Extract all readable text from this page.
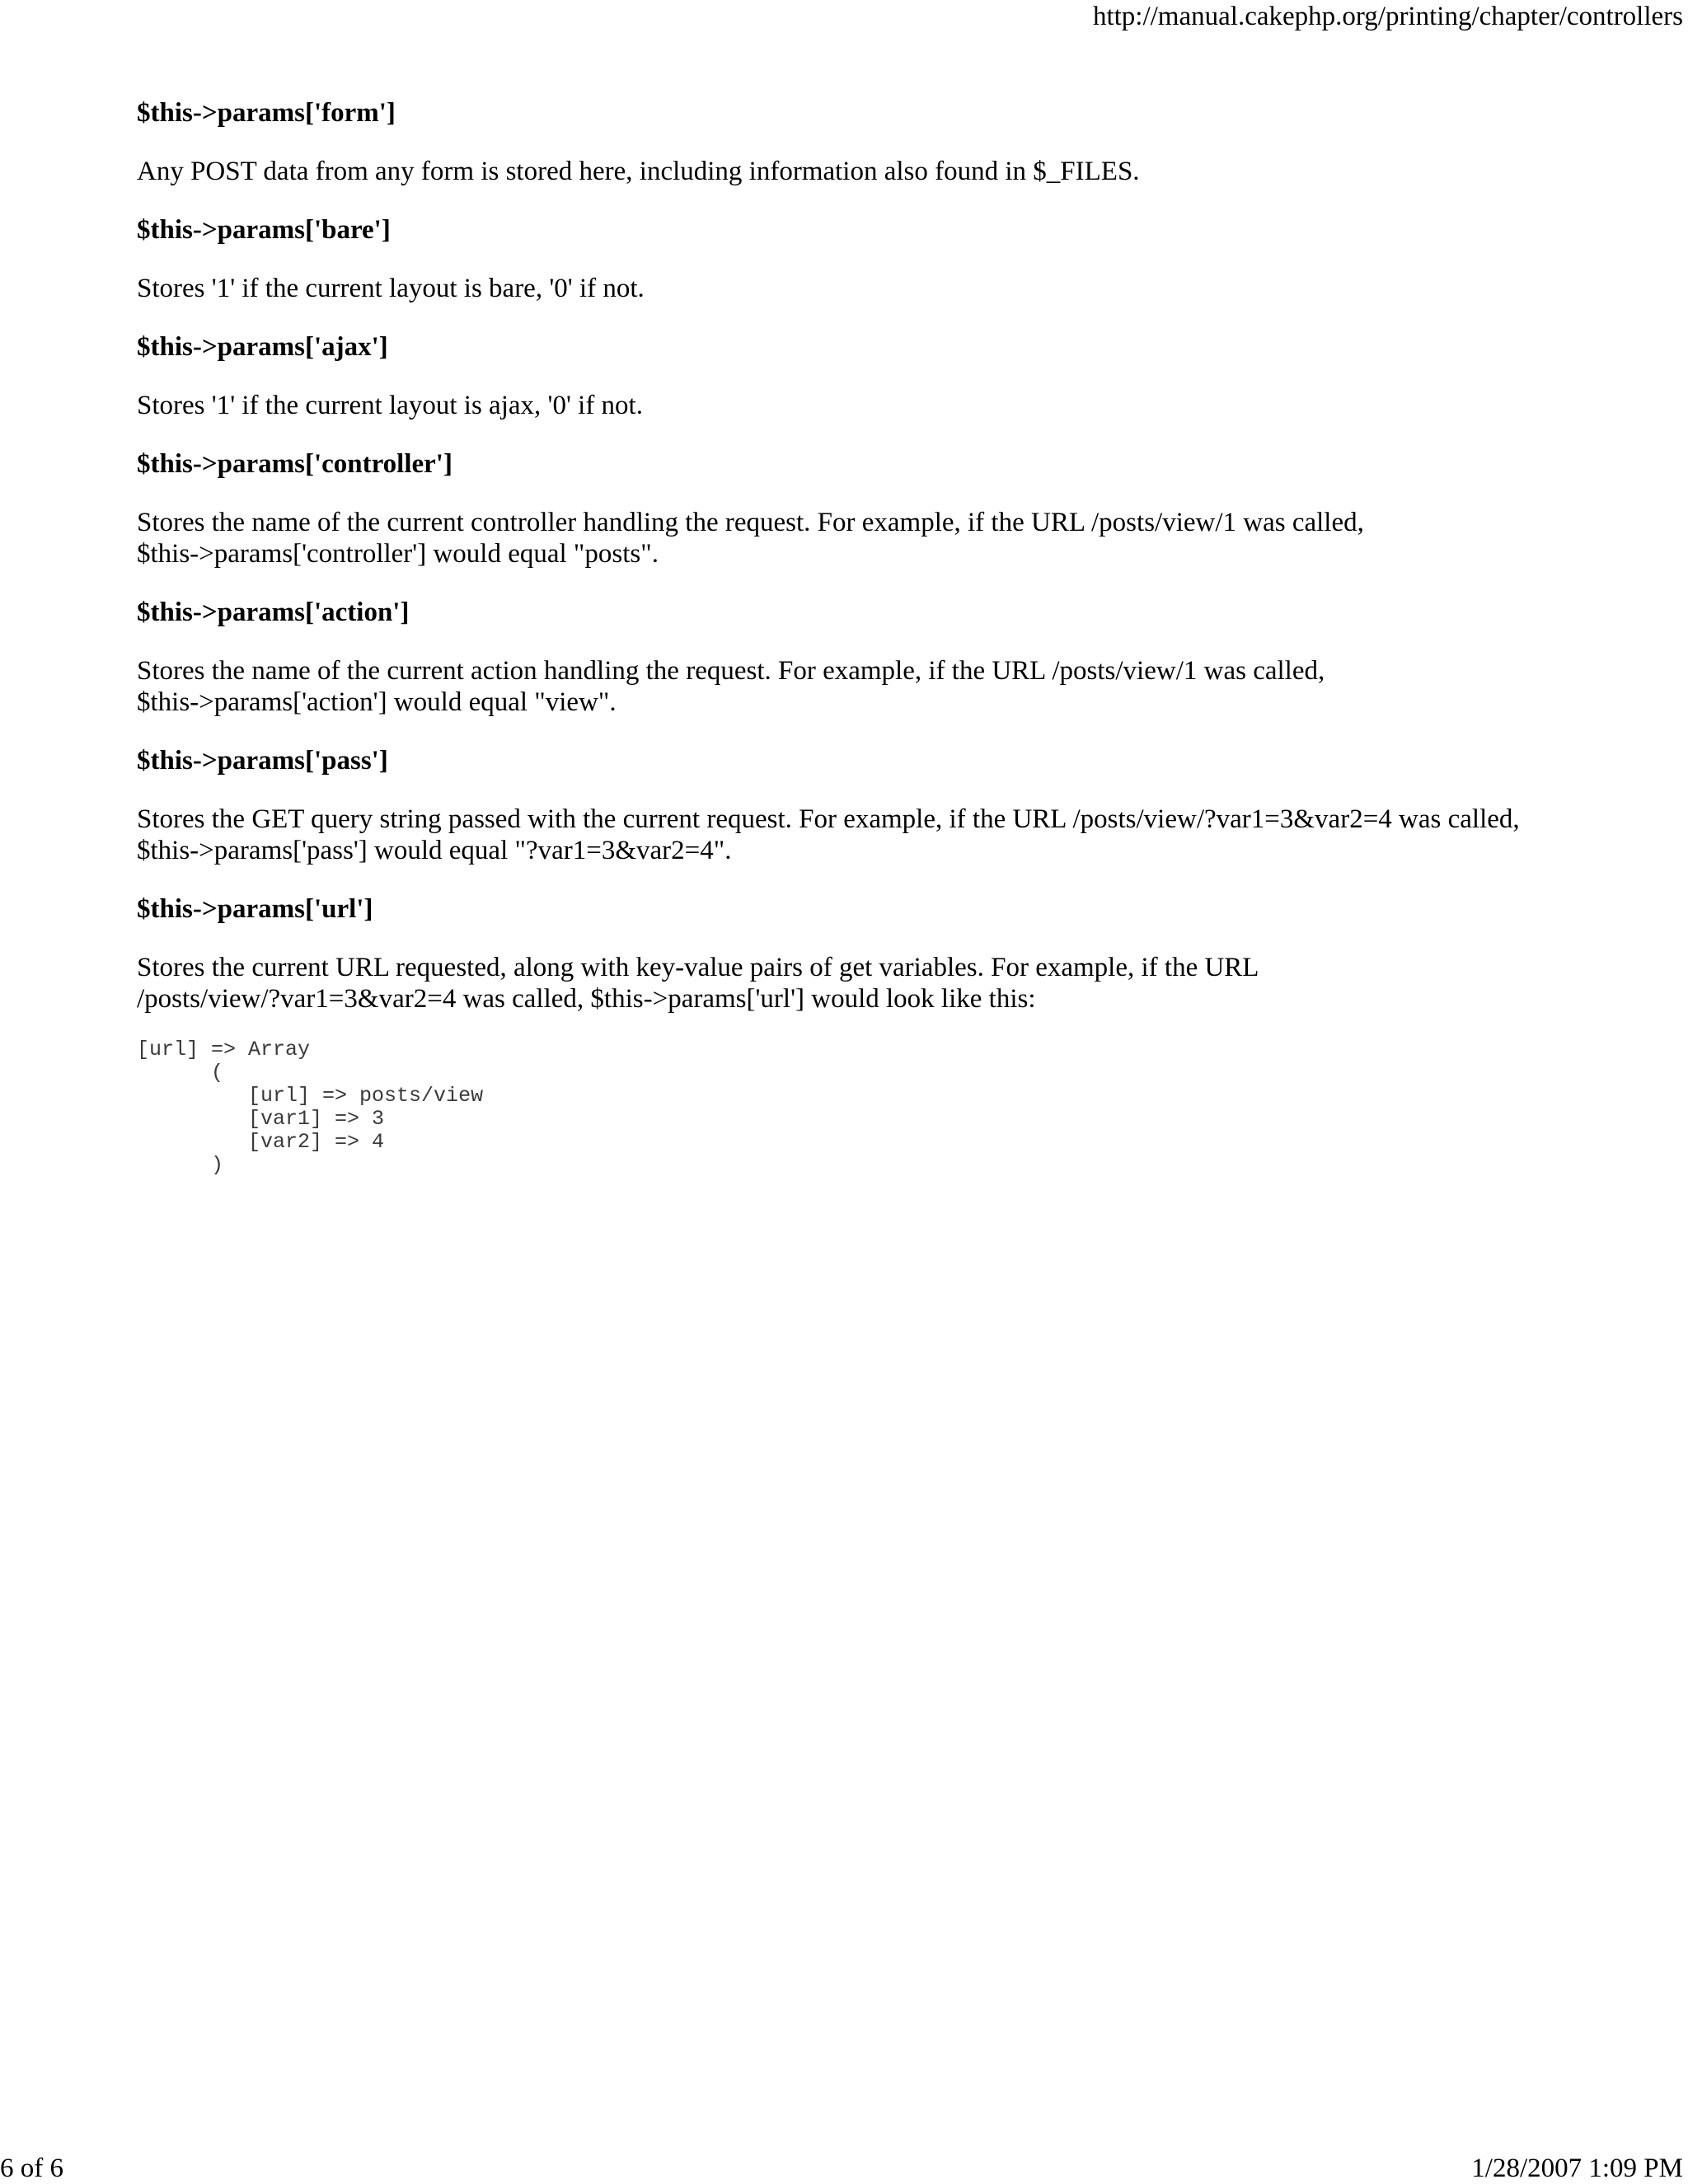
http://manual.cakephp.org/printing/chapter/controllers
$this->params['form']
Any POST data from any form is stored here, including information also found in $_FILES.
$this->params['bare']
Stores '1' if the current layout is bare, '0' if not.
$this->params['ajax']
Stores '1' if the current layout is ajax, '0' if not.
$this->params['controller']
Stores the name of the current controller handling the request. For example, if the URL /posts/view/1 was called,
$this->params['controller'] would equal "posts".
$this->params['action']
Stores the name of the current action handling the request. For example, if the URL /posts/view/1 was called,
$this->params['action'] would equal "view".
$this->params['pass']
Stores the GET query string passed with the current request. For example, if the URL /posts/view/?var1=3&var2=4 was called,
$this->params['pass'] would equal "?var1=3&var2=4".
$this->params['url']
Stores the current URL requested, along with key-value pairs of get variables. For example, if the URL
/posts/view/?var1=3&var2=4 was called, $this->params['url'] would look like this:
[url] => Array
(
[url] => posts/view
[var1] => 3
[var2] => 4
)
6 of 6	1/28/2007 1:09 PM
